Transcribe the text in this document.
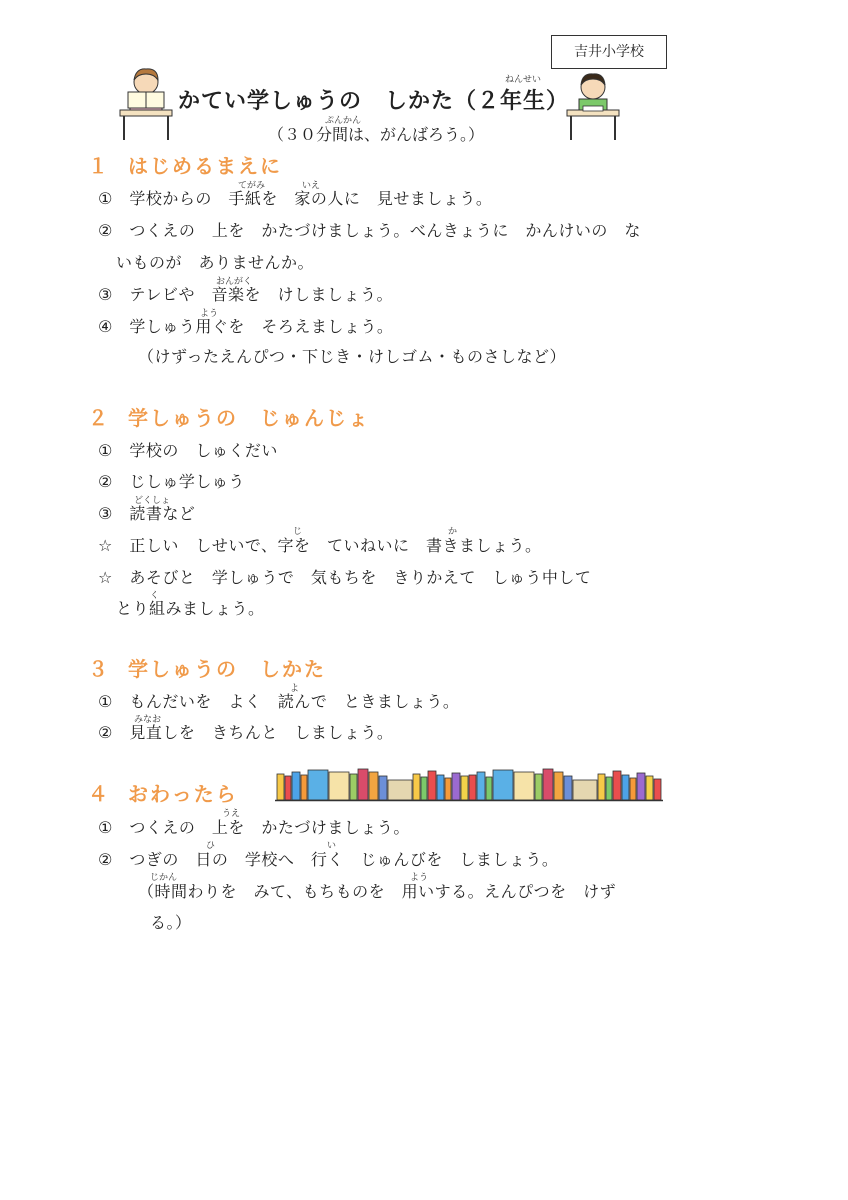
吉井小学校
かてい学しゅうの　しかた（２年生）
ねんせい
（３０分間は、がんばろう。）
ぷんかん
１ はじめるまえに
てがみ	いえ
①　学校からの　手紙を　家の人に　見せましょう。
②　つくえの　上を　かたづけましょう。べんきょうに　かんけいの　な
いものが　ありませんか。
おんがく
③　テレビや　音楽を　けしましょう。
よう
④　学しゅう用ぐを　そろえましょう。
（けずったえんぴつ・下じき・けしゴム・ものさしなど）
２ 学しゅうの　じゅんじょ
①　学校の　しゅくだい
②　じしゅ学しゅう
どくしょ
③　読書など
じ	か
☆　正しい　しせいで、字を　ていねいに　書きましょう。
☆　あそびと　学しゅうで　気もちを　きりかえて　しゅう中して
く
とり組みましょう。
３ 学しゅうの　しかた
よ
①　もんだいを　よく　読んで　ときましょう。
みなお
②　見直しを　きちんと　しましょう。
４ おわったら
うえ
①　つくえの　上を　かたづけましょう。
ひ	い
②　つぎの　日の　学校へ　行く　じゅんびを　しましょう。
じかん	よう
（時間わりを　みて、もちものを　用いする。えんぴつを　けず
る。）
